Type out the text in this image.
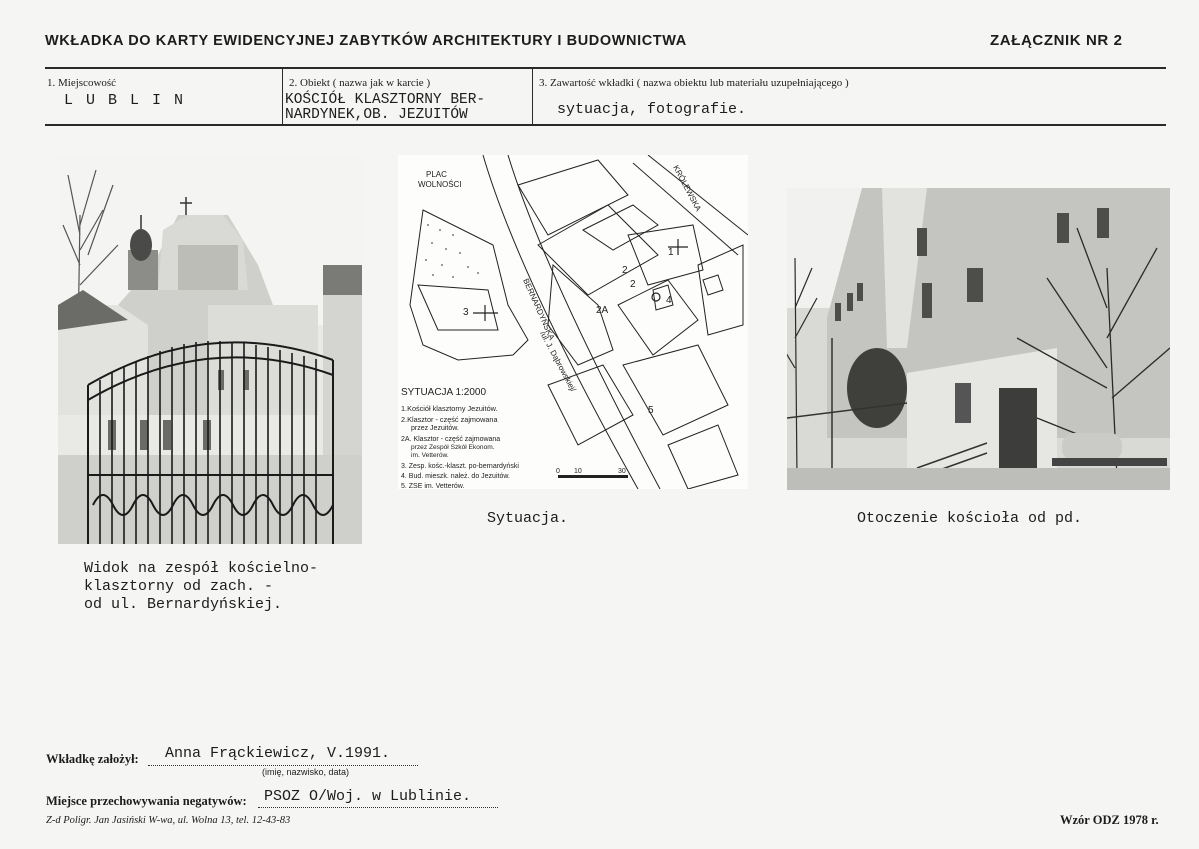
WKŁADKA DO KARTY EWIDENCYJNEJ ZABYTKÓW ARCHITEKTURY I BUDOWNICTWA	ZAŁĄCZNIK NR 2
1. Miejscowość
L U B L I N
2. Obiekt ( nazwa jak w karcie )
KOŚCIÓŁ KLASZTORNY BER-
NARDYNEK,OB. JEZUITÓW
3. Zawartość wkładki ( nazwa obiektu lub materiału uzupełniającego )
sytuacja, fotografie.
Widok na zespół kościelno-
klasztorny od zach. -
od ul. Bernardyńskiej.
PLAC
WOLNOŚCI	KRÓLEWSKA
BERNARDYŃSKA
/ul. J. Dąbrowskiej/
1
2
2
2A
3
4
5
SYTUACJA 1:2000
1.Kościół klasztorny Jezuitów.
2.Klasztor - część zajmowana
przez Jezuitów.
2A. Klasztor - część zajmowana
przez Zespół Szkół Ekonom.
im. Vetterów.
3. Zesp. kośc.-klaszt. po-bernardyński
4. Bud. mieszk. należ. do Jezuitów.
5. ZSE im. Vetterów.
0 10	30
Sytuacja.	Otoczenie kościoła od pd.
Wkładkę założył: Anna Frąckiewicz, V.1991.
(imię, nazwisko, data)
Miejsce przechowywania negatywów: PSOZ O/Woj. w Lublinie.
Z-d Poligr. Jan Jasiński W-wa, ul. Wolna 13, tel. 12-43-83	Wzór ODZ 1978 r.
